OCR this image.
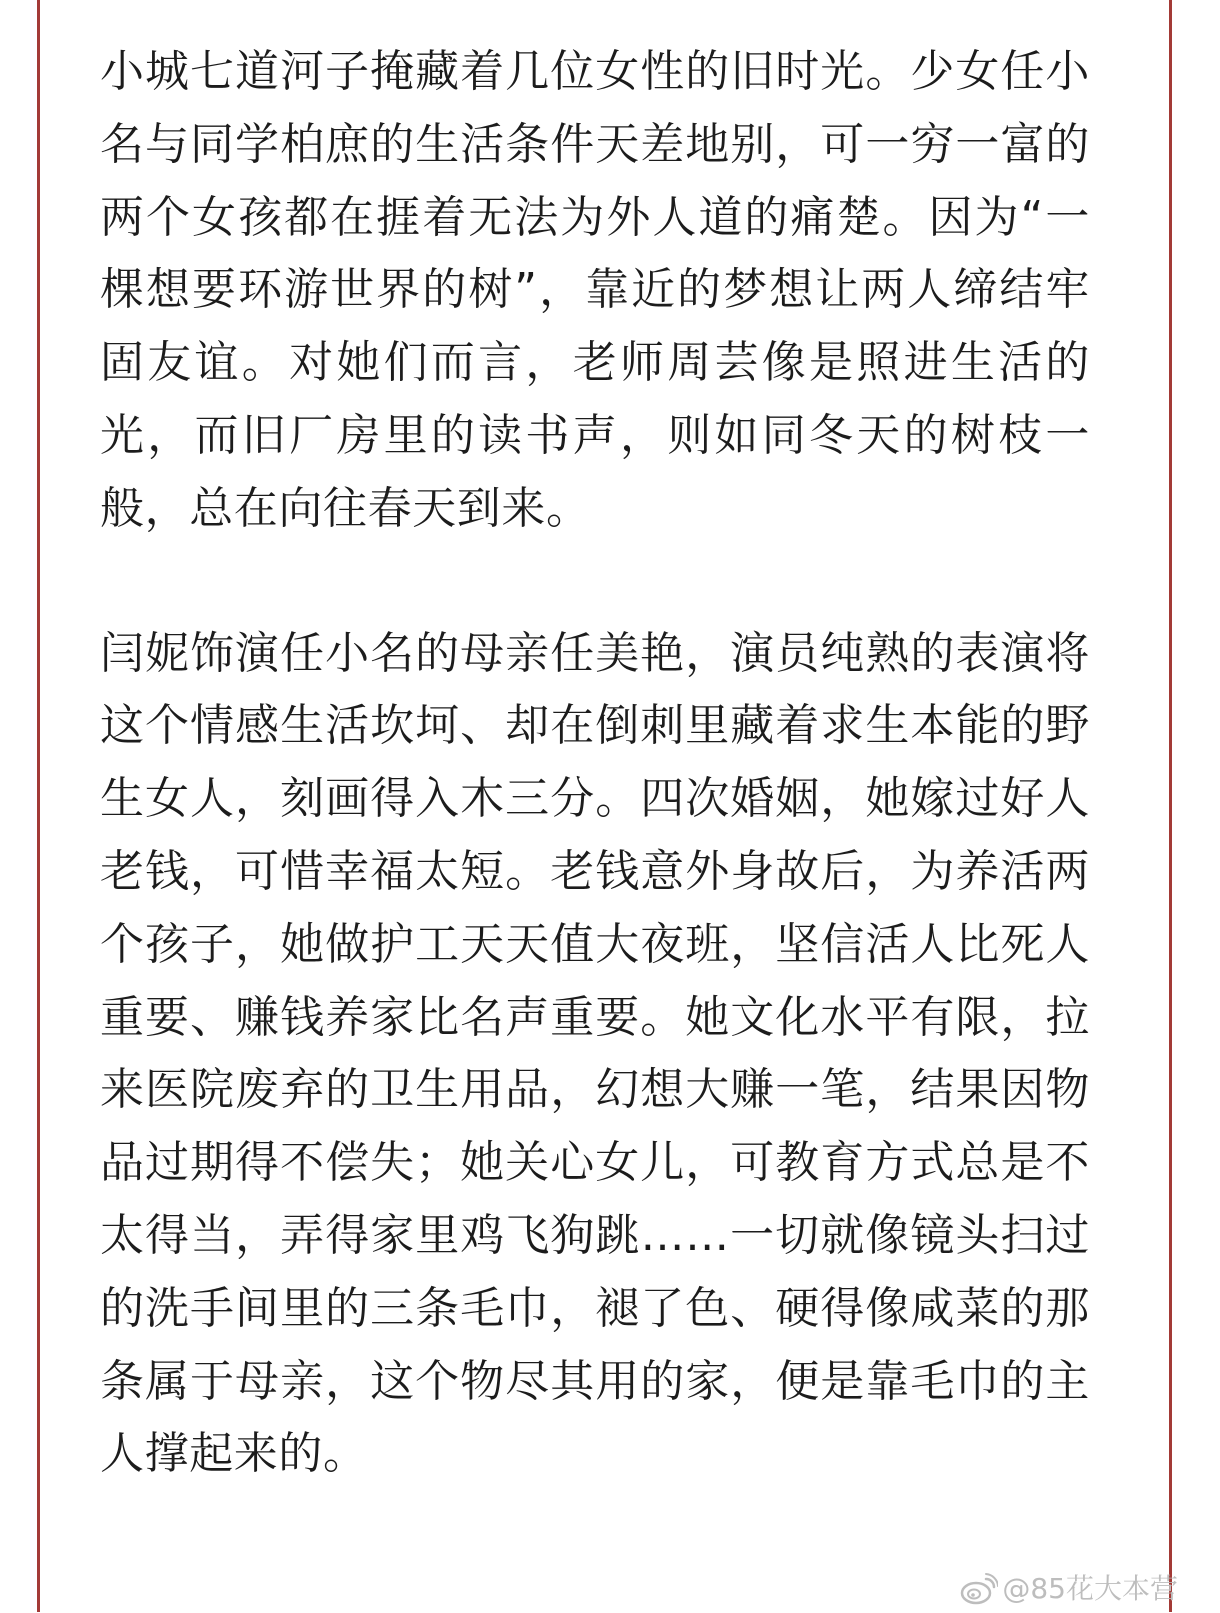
小城七道河子掩藏着几位女性的旧时光。少女任小名与同学柏庶的生活条件天差地别，可一穷一富的两个女孩都在捱着无法为外人道的痛楚。因为“一棵想要环游世界的树”，靠近的梦想让两人缔结牢固友谊。对她们而言，老师周芸像是照进生活的光，而旧厂房里的读书声，则如同冬天的树枝一般，总在向往春天到来。

闫妮饰演任小名的母亲任美艳，演员纯熟的表演将这个情感生活坎坷、却在倒刺里藏着求生本能的野生女人，刻画得入木三分。四次婚姻，她嫁过好人老钱，可惜幸福太短。老钱意外身故后，为养活两个孩子，她做护工天天值大夜班，坚信活人比死人重要、赚钱养家比名声重要。她文化水平有限，拉来医院废弃的卫生用品，幻想大赚一笔，结果因物品过期得不偿失；她关心女儿，可教育方式总是不太得当，弄得家里鸡飞狗跳……一切就像镜头扫过的洗手间里的三条毛巾，褪了色、硬得像咸菜的那条属于母亲，这个物尽其用的家，便是靠毛巾的主人撑起来的。

@85花大本营
